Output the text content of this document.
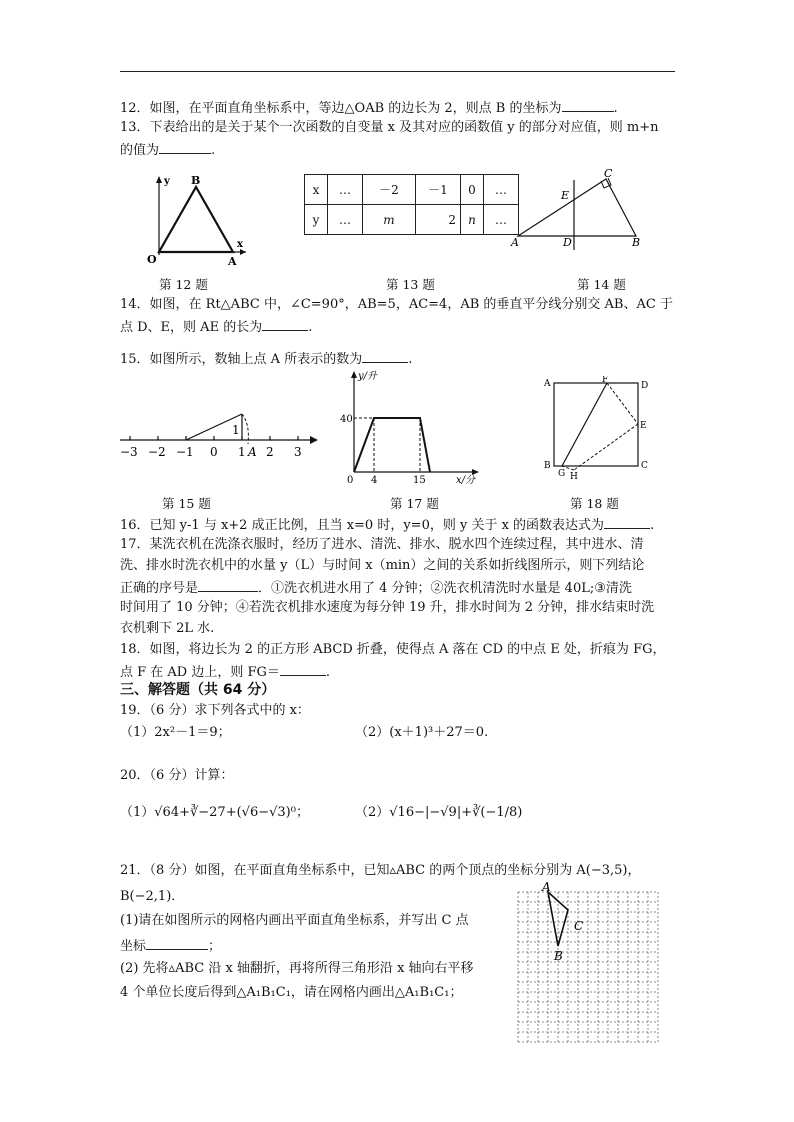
12．如图，在平面直角坐标系中，等边△OAB 的边长为 2，则点 B 的坐标为	.
13．下表给出的是关于某个一次函数的自变量 x 及其对应的函数值 y 的部分对应值，则 m+n
的值为	.
y B
O	A
x
x	…	－2	－1	0	…
y	…	m	2	n	…
C
E
A	D	B
第 12 题	第 13 题	第 14 题
14．如图，在 Rt△ABC 中，∠C=90°，AB=5，AC=4，AB 的垂直平分线分别交 AB、AC 于
点 D、E，则 AE 的长为	.
15．如图所示，数轴上点 A 所表示的数为	.
1
−3 −2 −1 0 1 A 2 3
y/升
40
0 4	15	x/分
A	F
D
E
B
G H
C
第 15 题	第 17 题	第 18 题
16．已知 y-1 与 x+2 成正比例，且当 x=0 时，y=0，则 y 关于 x 的函数表达式为	.
17．某洗衣机在洗涤衣服时，经历了进水、清洗、排水、脱水四个连续过程，其中进水、清
洗、排水时洗衣机中的水量 y（L）与时间 x（min）之间的关系如折线图所示，则下列结论
正确的序号是	．①洗衣机进水用了 4 分钟；②洗衣机清洗时水量是 40L;③清洗
时间用了 10 分钟；④若洗衣机排水速度为每分钟 19 升，排水时间为 2 分钟，排水结束时洗
衣机剩下 2L 水.
18．如图，将边长为 2 的正方形 ABCD 折叠，使得点 A 落在 CD 的中点 E 处，折痕为 FG，
点 F 在 AD 边上，则 FG＝	.
三、解答题（共 64 分）
19．（6 分）求下列各式中的 x：
（1）2x²－1＝9；	（2）(x＋1)³＋27＝0.
20．（6 分）计算：
（1）√64+∛−27+(√6−√3)⁰；	（2）√16−|−√9|+∛(−1/8)
21．（8 分）如图，在平面直角坐标系中，已知▵ABC 的两个顶点的坐标分别为 A(−3,5)，
B(−2,1)．
(1)请在如图所示的网格内画出平面直角坐标系，并写出 C 点
坐标	；
(2) 先将▵ABC 沿 x 轴翻折，再将所得三角形沿 x 轴向右平移
4 个单位长度后得到△A₁B₁C₁，请在网格内画出△A₁B₁C₁；
A
C
B
